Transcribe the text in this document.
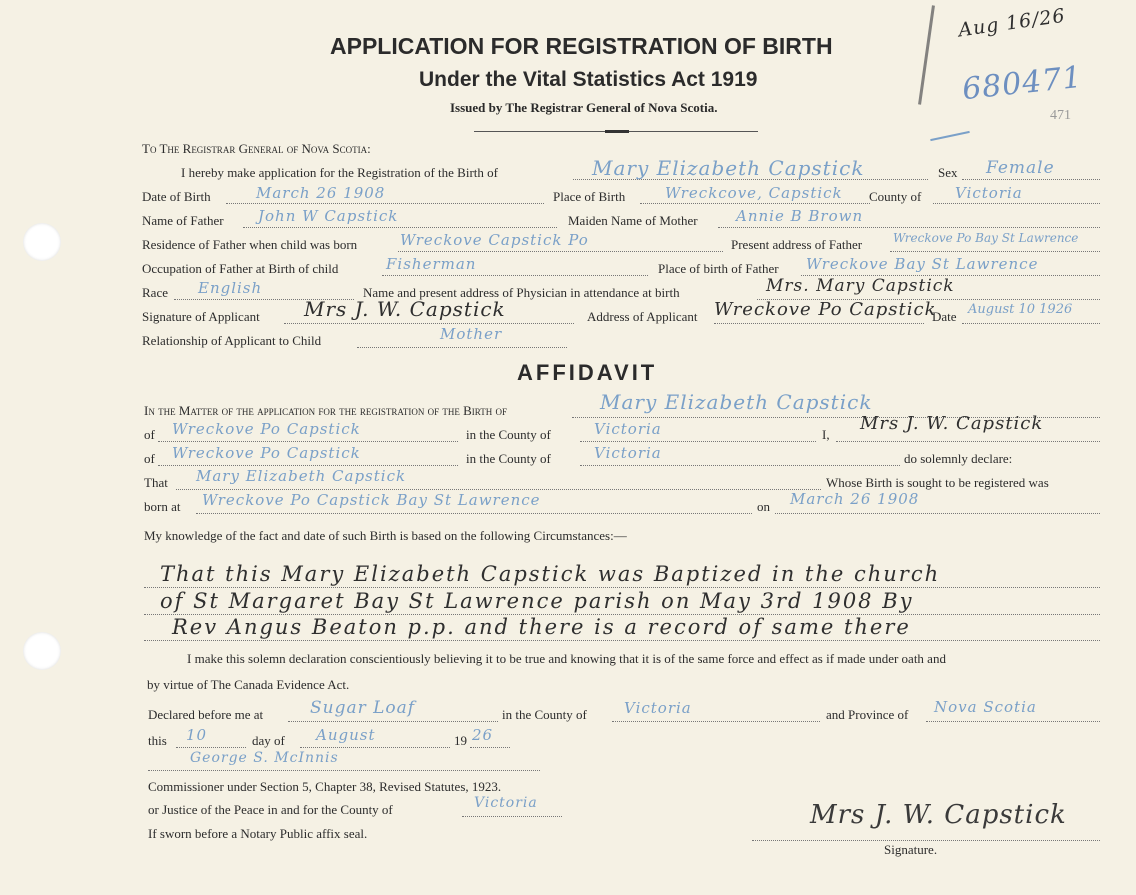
APPLICATION FOR REGISTRATION OF BIRTH
Under the Vital Statistics Act 1919
Issued by The Registrar General of Nova Scotia.
Aug 16/26
680471
471
To The Registrar General of Nova Scotia:
I hereby make application for the Registration of the Birth of	Mary Elizabeth Capstick	Sex Female
Date of Birth	March 26 1908	Place of Birth	Wreckcove, Capstick County of Victoria
Name of Father John W Capstick	Maiden Name of Mother	Annie B Brown
Residence of Father when child was born	Wreckove Capstick Po	Present address of Father	Wreckove Po Bay St Lawrence
Occupation of Father at Birth of child	Fisherman	Place of birth of Father Wreckove Bay St Lawrence
Race English	Name and present address of Physician in attendance at birth	Mrs. Mary Capstick
Signature of Applicant Mrs J. W. Capstick	Address of Applicant Wreckove Po Capstick
Date August 10 1926
Relationship of Applicant to Child	Mother
AFFIDAVIT
In the Matter of the application for the registration of the Birth of	Mary Elizabeth Capstick
of Wreckove Po Capstick	in the County of	Victoria	I,
Mrs J. W. Capstick
of Wreckove Po Capstick	in the County of	Victoria	do solemnly declare:
That Mary Elizabeth Capstick	Whose Birth is sought to be registered was
born at Wreckove Po Capstick Bay St Lawrence	on March 26 1908
My knowledge of the fact and date of such Birth is based on the following Circumstances:—
That this Mary Elizabeth Capstick was Baptized in the church
of St Margaret Bay St Lawrence parish on May 3rd 1908 By
Rev Angus Beaton p.p. and there is a record of same there
I make this solemn declaration conscientiously believing it to be true and knowing that it is of the same force and effect as if made under oath and
by virtue of The Canada Evidence Act.
Declared before me at	Sugar Loaf	in the County of Victoria	and Province of Nova Scotia
this 10	day of August	19 26
George S. McInnis
Commissioner under Section 5, Chapter 38, Revised Statutes, 1923.
or Justice of the Peace in and for the County of	Victoria
If sworn before a Notary Public affix seal.
Mrs J. W. Capstick
Signature.
